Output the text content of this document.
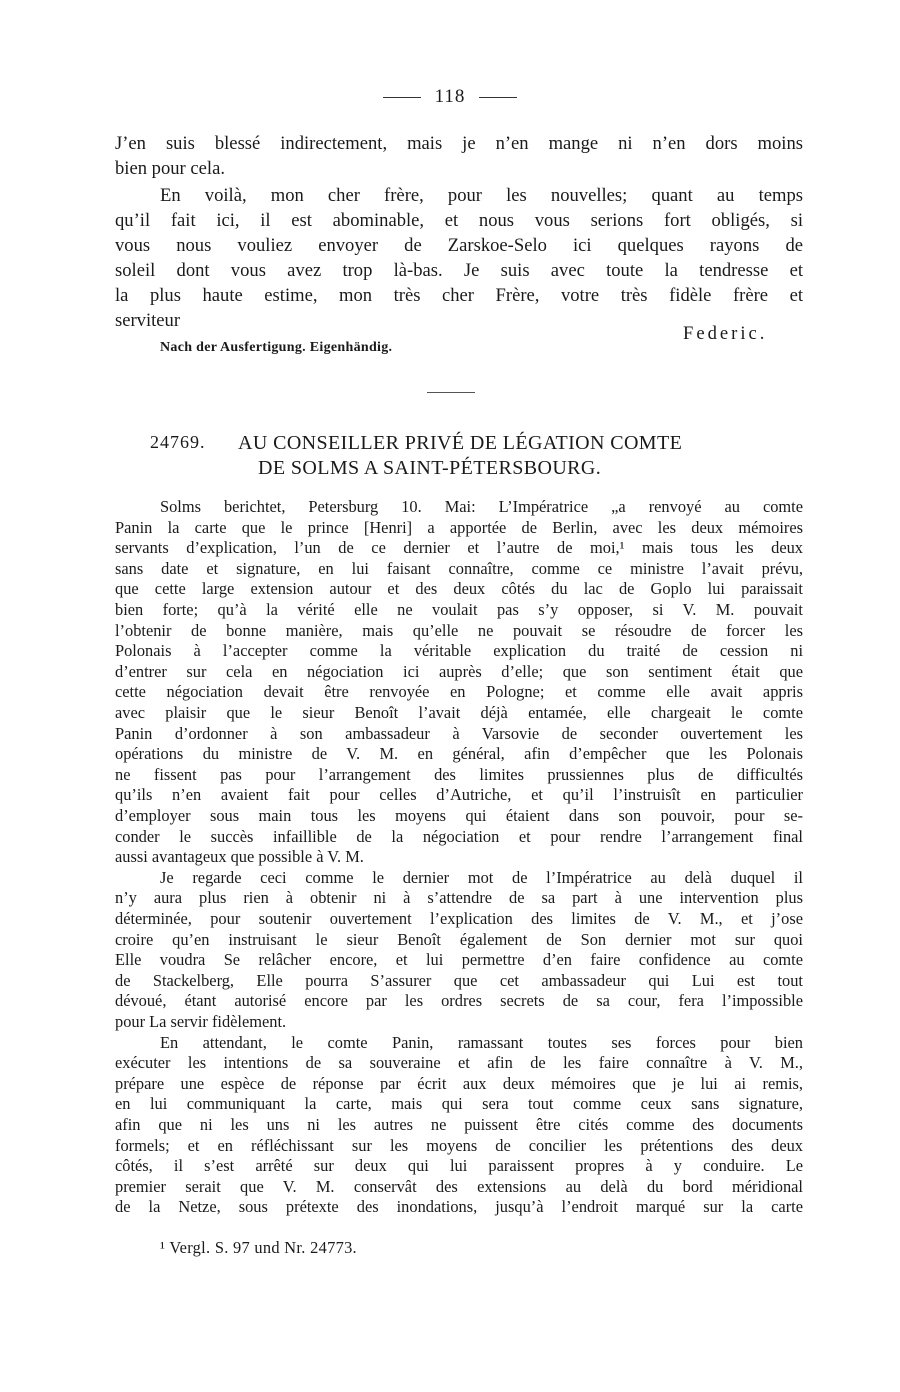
118
J’en suis blessé indirectement, mais je n’en mange ni n’en dors moins
bien pour cela.
En voilà, mon cher frère, pour les nouvelles; quant au temps
qu’il fait ici, il est abominable, et nous vous serions fort obligés, si
vous nous vouliez envoyer de Zarskoe-Selo ici quelques rayons de
soleil dont vous avez trop là-bas. Je suis avec toute la tendresse et
la plus haute estime, mon très cher Frère, votre très fidèle frère et
serviteur
Federic.
Nach der Ausfertigung. Eigenhändig.
24769. AU CONSEILLER PRIVÉ DE LÉGATION COMTE
DE SOLMS A SAINT-PÉTERSBOURG.
Solms berichtet, Petersburg 10. Mai: L’Impératrice „a renvoyé au comte
Panin la carte que le prince [Henri] a apportée de Berlin, avec les deux mémoires
servants d’explication, l’un de ce dernier et l’autre de moi,¹ mais tous les deux
sans date et signature, en lui faisant connaître, comme ce ministre l’avait prévu,
que cette large extension autour et des deux côtés du lac de Goplo lui paraissait
bien forte; qu’à la vérité elle ne voulait pas s’y opposer, si V. M. pouvait
l’obtenir de bonne manière, mais qu’elle ne pouvait se résoudre de forcer les
Polonais à l’accepter comme la véritable explication du traité de cession ni
d’entrer sur cela en négociation ici auprès d’elle; que son sentiment était que
cette négociation devait être renvoyée en Pologne; et comme elle avait appris
avec plaisir que le sieur Benoît l’avait déjà entamée, elle chargeait le comte
Panin d’ordonner à son ambassadeur à Varsovie de seconder ouvertement les
opérations du ministre de V. M. en général, afin d’empêcher que les Polonais
ne fissent pas pour l’arrangement des limites prussiennes plus de difficultés
qu’ils n’en avaient fait pour celles d’Autriche, et qu’il l’instruisît en particulier
d’employer sous main tous les moyens qui étaient dans son pouvoir, pour se-
conder le succès infaillible de la négociation et pour rendre l’arrangement final
aussi avantageux que possible à V. M.
Je regarde ceci comme le dernier mot de l’Impératrice au delà duquel il
n’y aura plus rien à obtenir ni à s’attendre de sa part à une intervention plus
déterminée, pour soutenir ouvertement l’explication des limites de V. M., et j’ose
croire qu’en instruisant le sieur Benoît également de Son dernier mot sur quoi
Elle voudra Se relâcher encore, et lui permettre d’en faire confidence au comte
de Stackelberg, Elle pourra S’assurer que cet ambassadeur qui Lui est tout
dévoué, étant autorisé encore par les ordres secrets de sa cour, fera l’impossible
pour La servir fidèlement.
En attendant, le comte Panin, ramassant toutes ses forces pour bien
exécuter les intentions de sa souveraine et afin de les faire connaître à V. M.,
prépare une espèce de réponse par écrit aux deux mémoires que je lui ai remis,
en lui communiquant la carte, mais qui sera tout comme ceux sans signature,
afin que ni les uns ni les autres ne puissent être cités comme des documents
formels; et en réfléchissant sur les moyens de concilier les prétentions des deux
côtés, il s’est arrêté sur deux qui lui paraissent propres à y conduire. Le
premier serait que V. M. conservât des extensions au delà du bord méridional
de la Netze, sous prétexte des inondations, jusqu’à l’endroit marqué sur la carte
¹ Vergl. S. 97 und Nr. 24773.
